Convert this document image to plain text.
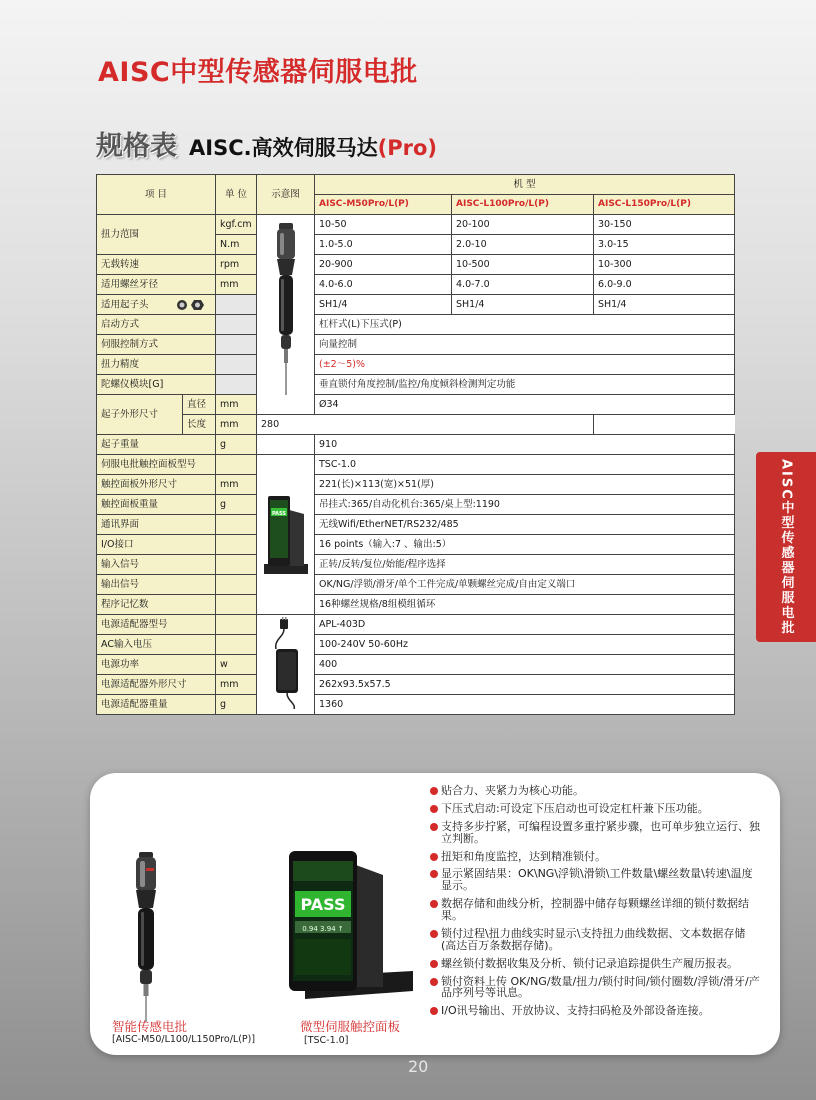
AISC中型传感器伺服电批
规格表 AISC.高效伺服马达 (Pro)
项 目		单 位	示意图	机 型		
				AISC-M50Pro/L(P)	AISC-L100Pro/L(P)	AISC-L150Pro/L(P)
扭力范围		kgf.cm		10-50	20-100	30-150
		N.m		1.0-5.0	2.0-10	3.0-15
无载转速		rpm		20-900	10-500	10-300
适用螺丝牙径		mm		4.0-6.0	4.0-7.0	6.0-9.0
适用起子头				SH1/4	SH1/4	SH1/4
启动方式				杠杆式(L)下压式(P)		
伺服控制方式				向量控制		
扭力精度				(±2～5)%		
陀螺仪模块[G]				垂直锁付角度控制/监控/角度倾斜检测判定功能		
起子外形尺寸	直径	mm		Ø34		
	长度	mm	280			
起子重量		g		910		
伺服电批触控面板型号			PASS	TSC-1.0		
触控面板外形尺寸		mm		221(长)×113(宽)×51(厚)		
触控面板重量		g		吊挂式:365/自动化机台:365/桌上型:1190		
通讯界面				无线Wifi/EtherNET/RS232/485		
I/O接口				16 points（输入:7 、输出:5）		
输入信号				正转/反转/复位/始能/程序选择		
输出信号				OK/NG/浮锁/滑牙/单个工件完成/单颗螺丝完成/自由定义端口		
程序记忆数				16种螺丝规格/8组模组循环		
电源适配器型号				APL-403D		
AC输入电压				100-240V 50-60Hz		
电源功率		w		400		
电源适配器外形尺寸		mm		262x93.5x57.5		
电源适配器重量		g		1360		
AISC中型传感器伺服电批
PASS
0.94 3.94 ↑
贴合力、夹紧力为核心功能。
下压式启动:可设定下压启动也可设定杠杆兼下压功能。
支持多步拧紧，可编程设置多重拧紧步骤，也可单步独立运行、独立判断。
扭矩和角度监控，达到精准锁付。
显示紧固结果：OK\NG\浮锁\滑锁\工件数量\螺丝数量\转速\温度显示。
数据存储和曲线分析，控制器中储存每颗螺丝详细的锁付数据结果。
锁付过程\扭力曲线实时显示\支持扭力曲线数据、文本数据存储(高达百万条数据存储)。
螺丝锁付数据收集及分析、锁付记录追踪提供生产履历报表。
锁付资料上传 OK/NG/数量/扭力/锁付时间/锁付圈数/浮锁/滑牙/产品序列号等讯息。
I/O讯号输出、开放协议、支持扫码枪及外部设备连接。
智能传感电批
[AISC-M50/L100/L150Pro/L(P)]
微型伺服触控面板
[TSC-1.0]
20
